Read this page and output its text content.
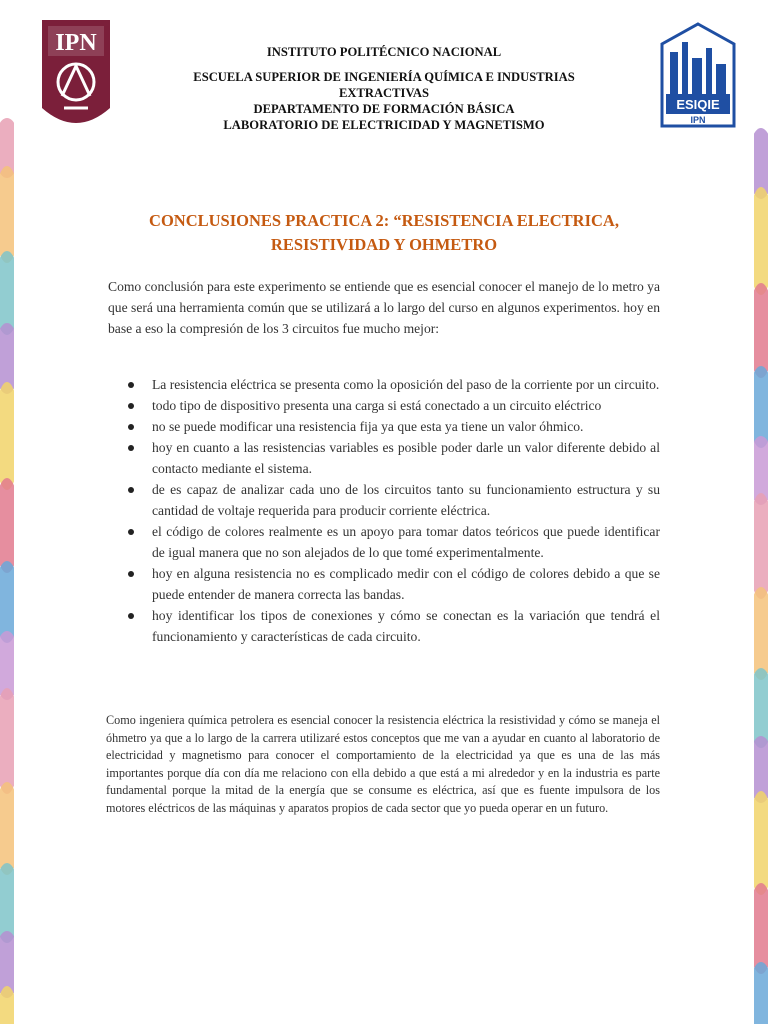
IPN
ESIQIE
IPN
INSTITUTO POLITÉCNICO NACIONAL
ESCUELA SUPERIOR DE INGENIERÍA QUÍMICA E INDUSTRIAS EXTRACTIVAS
DEPARTAMENTO DE FORMACIÓN BÁSICA
LABORATORIO DE ELECTRICIDAD Y MAGNETISMO
CONCLUSIONES PRACTICA 2: “RESISTENCIA ELECTRICA, RESISTIVIDAD Y OHMETRO
Como conclusión para este experimento se entiende que es esencial conocer el manejo de lo metro ya que será una herramienta común que se utilizará a lo largo del curso en algunos experimentos. hoy en base a eso la compresión de los 3 circuitos fue mucho mejor:
La resistencia eléctrica se presenta como la oposición del paso de la corriente por un circuito.
todo tipo de dispositivo presenta una carga si está conectado a un circuito eléctrico
no se puede modificar una resistencia fija ya que esta ya tiene un valor óhmico.
hoy en cuanto a las resistencias variables es posible poder darle un valor diferente debido al contacto mediante el sistema.
de es capaz de analizar cada uno de los circuitos tanto su funcionamiento estructura y su cantidad de voltaje requerida para producir corriente eléctrica.
el código de colores realmente es un apoyo para tomar datos teóricos que puede identificar de igual manera que no son alejados de lo que tomé experimentalmente.
hoy en alguna resistencia no es complicado medir con el código de colores debido a que se puede entender de manera correcta las bandas.
hoy identificar los tipos de conexiones y cómo se conectan es la variación que tendrá el funcionamiento y características de cada circuito.
Como ingeniera química petrolera es esencial conocer la resistencia eléctrica la resistividad y cómo se maneja el óhmetro ya que a lo largo de la carrera utilizaré estos conceptos que me van a ayudar en cuanto al laboratorio de electricidad y magnetismo para conocer el comportamiento de la electricidad ya que es una de las más importantes porque día con día me relaciono con ella debido a que está a mi alrededor y en la industria es parte fundamental porque la mitad de la energía que se consume es eléctrica, así que es fuente impulsora de los motores eléctricos de las máquinas y aparatos propios de cada sector que yo pueda operar en un futuro.
